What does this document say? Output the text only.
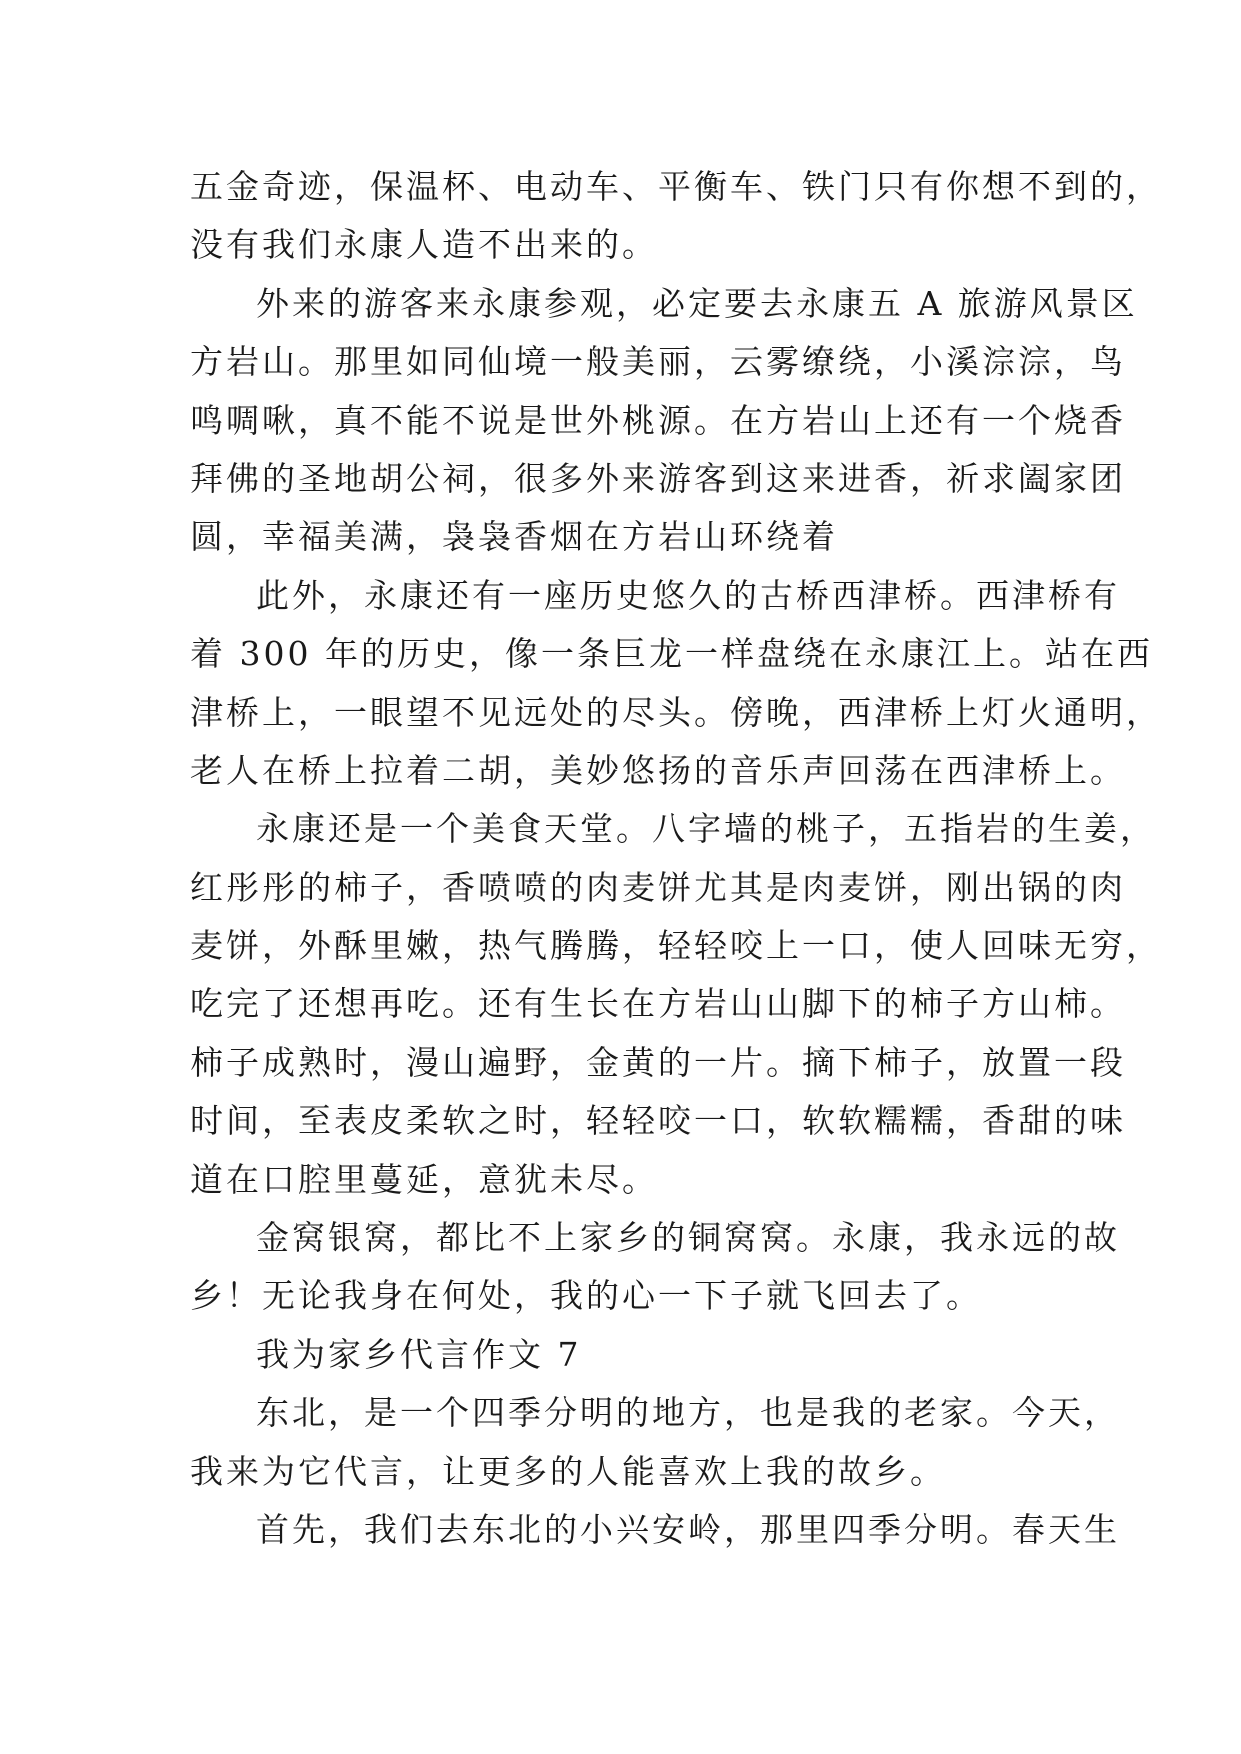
五金奇迹，保温杯、电动车、平衡车、铁门只有你想不到的，
没有我们永康人造不出来的。
外来的游客来永康参观，必定要去永康五 A 旅游风景区
方岩山。那里如同仙境一般美丽，云雾缭绕，小溪淙淙，鸟
鸣啁啾，真不能不说是世外桃源。在方岩山上还有一个烧香
拜佛的圣地胡公祠，很多外来游客到这来进香，祈求阖家团
圆，幸福美满，袅袅香烟在方岩山环绕着
此外，永康还有一座历史悠久的古桥西津桥。西津桥有
着 300 年的历史，像一条巨龙一样盘绕在永康江上。站在西
津桥上，一眼望不见远处的尽头。傍晚，西津桥上灯火通明，
老人在桥上拉着二胡，美妙悠扬的音乐声回荡在西津桥上。
永康还是一个美食天堂。八字墙的桃子，五指岩的生姜，
红彤彤的柿子，香喷喷的肉麦饼尤其是肉麦饼，刚出锅的肉
麦饼，外酥里嫩，热气腾腾，轻轻咬上一口，使人回味无穷，
吃完了还想再吃。还有生长在方岩山山脚下的柿子方山柿。
柿子成熟时，漫山遍野，金黄的一片。摘下柿子，放置一段
时间，至表皮柔软之时，轻轻咬一口，软软糯糯，香甜的味
道在口腔里蔓延，意犹未尽。
金窝银窝，都比不上家乡的铜窝窝。永康，我永远的故
乡！无论我身在何处，我的心一下子就飞回去了。
我为家乡代言作文 7
东北，是一个四季分明的地方，也是我的老家。今天，
我来为它代言，让更多的人能喜欢上我的故乡。
首先，我们去东北的小兴安岭，那里四季分明。春天生
